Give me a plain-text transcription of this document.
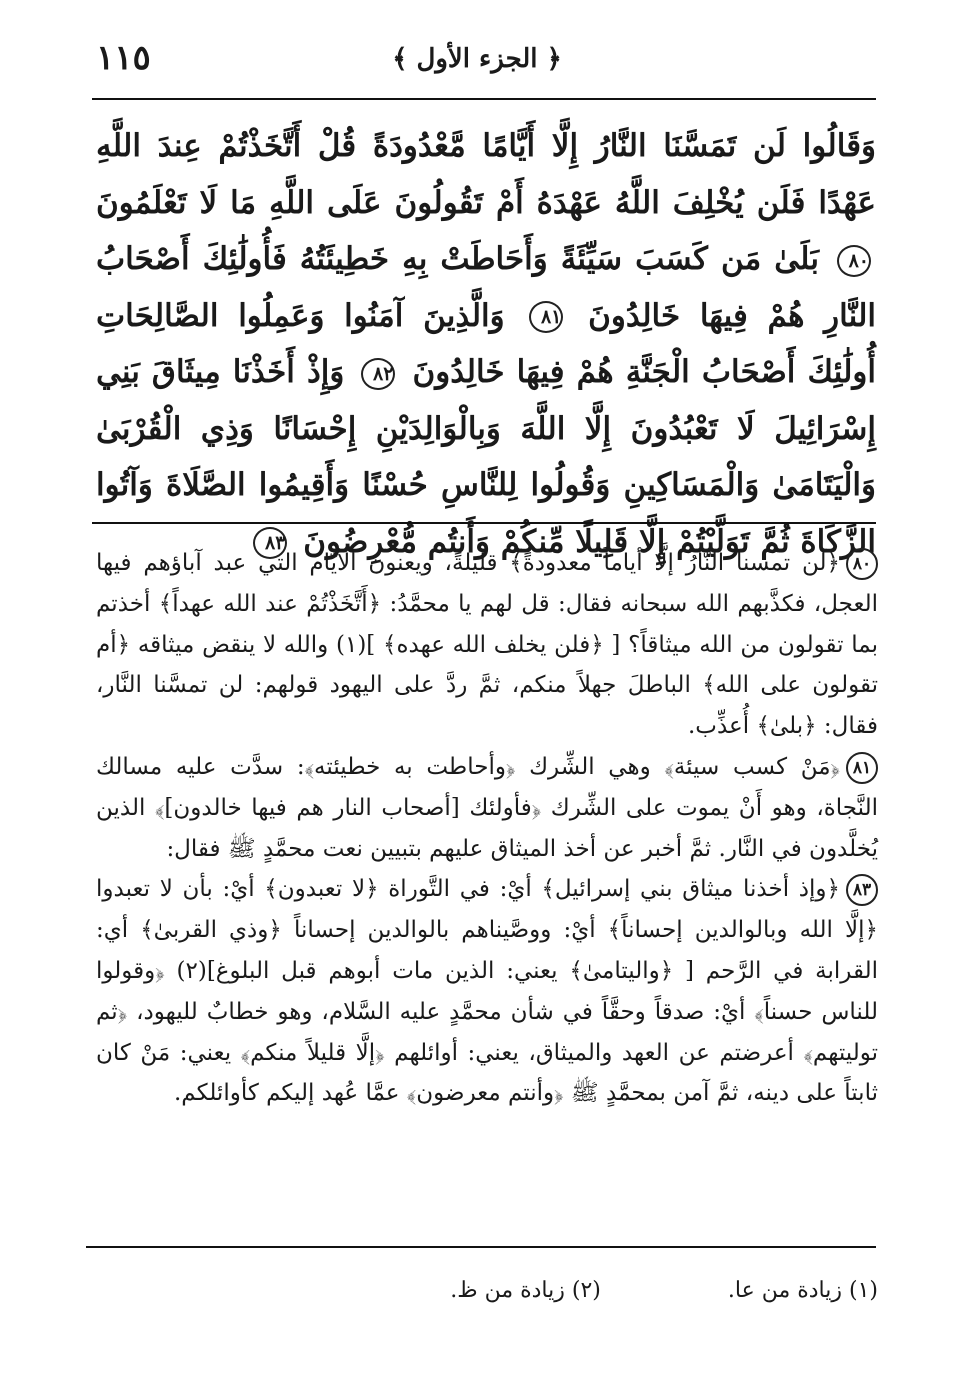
١١٥	﴿ الجزء الأول ﴾
وَقَالُوا لَن تَمَسَّنَا النَّارُ إِلَّا أَيَّامًا مَّعْدُودَةً قُلْ أَتَّخَذْتُمْ عِندَ اللَّهِ عَهْدًا فَلَن يُخْلِفَ اللَّهُ عَهْدَهُ أَمْ تَقُولُونَ عَلَى اللَّهِ مَا لَا تَعْلَمُونَ ٨٠ بَلَىٰ مَن كَسَبَ سَيِّئَةً وَأَحَاطَتْ بِهِ خَطِيئَتُهُ فَأُولَٰئِكَ أَصْحَابُ النَّارِ هُمْ فِيهَا خَالِدُونَ ٨١ وَالَّذِينَ آمَنُوا وَعَمِلُوا الصَّالِحَاتِ أُولَٰئِكَ أَصْحَابُ الْجَنَّةِ هُمْ فِيهَا خَالِدُونَ ٨٢ وَإِذْ أَخَذْنَا مِيثَاقَ بَنِي إِسْرَائِيلَ لَا تَعْبُدُونَ إِلَّا اللَّهَ وَبِالْوَالِدَيْنِ إِحْسَانًا وَذِي الْقُرْبَىٰ وَالْيَتَامَىٰ وَالْمَسَاكِينِ وَقُولُوا لِلنَّاسِ حُسْنًا وَأَقِيمُوا الصَّلَاةَ وَآتُوا الزَّكَاةَ ثُمَّ تَوَلَّيْتُمْ إِلَّا قَلِيلًا مِّنكُمْ وَأَنتُم مُّعْرِضُونَ ٨٣

٨٠﴿لن تمسنا النَّارُ إلَّا أياماً معدودةً﴾ قليلةً، ويعنون الأيَّام التي عبد آباؤهم فيها العجل، فكذَّبهم الله سبحانه فقال: قل لهم يا محمَّدُ: ﴿أَتَّخَذْتُمْ عند الله عهداً﴾ أخذتم بما تقولون من الله ميثاقاً؟ [ ﴿فلن يخلف الله عهده﴾ ](١) والله لا ينقض ميثاقه ﴿أم تقولون على الله﴾ الباطلَ جهلاً منكم، ثمَّ ردَّ على اليهود قولهم: لن تمسَّنا النَّار، فقال: ﴿بلىٰ﴾ أُعذِّب.

٨١﴿مَنْ كسب سيئة﴾ وهي الشِّرك ﴿وأحاطت به خطيئته﴾: سدَّت عليه مسالك النَّجاة، وهو أَنْ يموت على الشِّرك ﴿فأولئك [أصحاب النار هم فيها خالدون]﴾ الذين يُخلَّدون في النَّار. ثمَّ أخبر عن أخذ الميثاق عليهم بتبيين نعت محمَّدٍ ﷺ فقال:

٨٣﴿وإذ أخذنا ميثاق بني إسرائيل﴾ أيْ: في التَّوراة ﴿لا تعبدون﴾ أيْ: بأن لا تعبدوا ﴿إلَّا الله وبالوالدين إحساناً﴾ أيْ: ووصَّيناهم بالوالدين إحساناً ﴿وذي القربىٰ﴾ أي: القرابة في الرَّحم [ ﴿واليتامىٰ﴾ يعني: الذين مات أبوهم قبل البلوغ](٢) ﴿وقولوا للناس حسناً﴾ أيْ: صدقاً وحقَّاً في شأن محمَّدٍ عليه السَّلام، وهو خطابٌ لليهود، ﴿ثم توليتهم﴾ أعرضتم عن العهد والميثاق، يعني: أوائلهم ﴿إلَّا قليلاً منكم﴾ يعني: مَنْ كان ثابتاً على دينه، ثمَّ آمن بمحمَّدٍ ﷺ ﴿وأنتم معرضون﴾ عمَّا عُهد إليكم كأوائلكم.

(١) زيادة من عا. (٢) زيادة من ظ.
